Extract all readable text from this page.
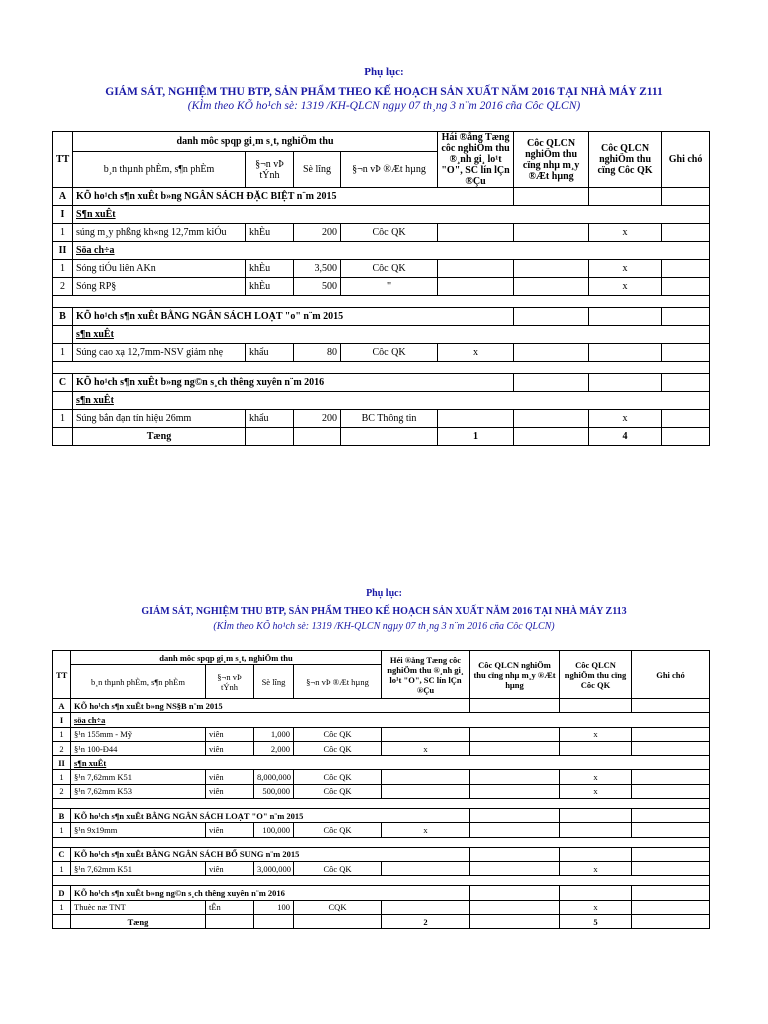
Phụ lục:
GIÁM SÁT, NGHIỆM THU BTP, SẢN PHẨM THEO KẾ HOẠCH SẢN XUẤT NĂM 2016 TẠI NHÀ MÁY Z111
(KÌm theo KÕ ho¹ch sè: 1319 /KH-QLCN ngµy 07 th¸ng 3 n¨m 2016 cña Côc QLCN)
TT	danh môc spqp gi¸m s¸t, nghiÖm thu				Hái ®ång Tæng côc nghiÖm thu ®¸nh gi¸ lo¹t "O", SC lín lÇn ®Çu	Côc QLCN nghiÖm thu cïng nhµ m¸y ®Æt hµng	Côc QLCN nghiÖm thu cïng Côc QK	Ghi chó
	b¸n thµnh phÈm, s¶n phÈm	§¬n vÞ tÝnh	Sè lîng	§¬n vÞ ®Æt hµng				
A	KÕ ho¹ch s¶n xuÊt b»ng NGÂN SÁCH ĐẶC BIỆT n¨m 2015							
I	S¶n xuÊt							
1	súng m¸y phßng kh«ng 12,7mm kiÓu	khÈu	200	Côc QK			x	
II	Söa ch÷a							
1	Sóng tiÓu liên AKn	khÈu	3,500	Côc QK			x	
2	Sóng RP§	khÈu	500	"			x	

B	KÕ ho¹ch s¶n xuÊt BẰNG NGÂN SÁCH LOẠT "o" n¨m 2015							
	s¶n xuÊt							
1	Súng cao xạ 12,7mm-NSV giảm nhẹ	khẩu	80	Côc QK	x			

C	KÕ ho¹ch s¶n xuÊt b»ng ng©n s¸ch thêng xuyên n¨m 2016							
	s¶n xuÊt							
1	Súng bắn đạn tín hiệu 26mm	khẩu	200	BC Thông tin			x	
	Tæng				1		4	
Phụ lục:
GIÁM SÁT, NGHIỆM THU BTP, SẢN PHẨM THEO KẾ HOẠCH SẢN XUẤT NĂM 2016 TẠI NHÀ MÁY Z113
(KÌm theo KÕ ho¹ch sè: 1319 /KH-QLCN ngµy 07 th¸ng 3 n¨m 2016 cña Côc QLCN)
TT	danh môc spqp gi¸m s¸t, nghiÖm thu				Héi ®ång Tæng côc nghiÖm thu ®¸nh gi¸ lo¹t "O", SC lín lÇn ®Çu	Côc QLCN nghiÖm thu cïng nhµ m¸y ®Æt hµng	Côc QLCN nghiÖm thu cïng Côc QK	Ghi chó
	b¸n thµnh phÈm, s¶n phÈm	§¬n vÞ tÝnh	Sè lîng	§¬n vÞ ®Æt hµng				
A	KÕ ho¹ch s¶n xuÊt b»ng NS§B n¨m 2015							
I	söa ch÷a							
1	§¹n 155mm - Mỹ	viên	1,000	Côc QK			x	
2	§¹n 100-Đ44	viên	2,000	Côc QK	x			
II	s¶n xuÊt							
1	§¹n 7,62mm K51	viên	8,000,000	Côc QK			x	
2	§¹n 7,62mm K53	viên	500,000	Côc QK			x	

B	KÕ ho¹ch s¶n xuÊt BẰNG NGÂN SÁCH LOẠT "O" n¨m 2015							
1	§¹n 9x19mm	viên	100,000	Côc QK	x			

C	KÕ ho¹ch s¶n xuÊt BẰNG NGÂN SÁCH BỔ SUNG n¨m 2015							
1	§¹n 7,62mm K51	viên	3,000,000	Côc QK			x	

D	KÕ ho¹ch s¶n xuÊt b»ng ng©n s¸ch thêng xuyên n¨m 2016							
1	Thuèc næ TNT	tÊn	100	CQK			x	
	Tæng				2		5	
